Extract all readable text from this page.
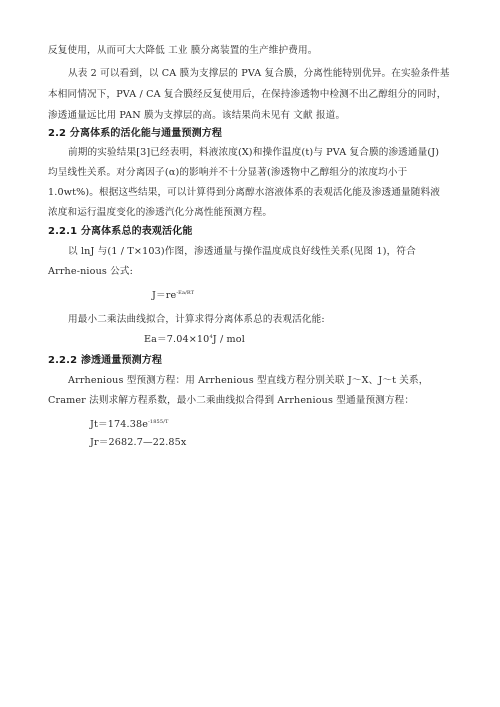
反复使用，从而可大大降低 工业 膜分离装置的生产维护费用。
从表 2 可以看到，以 CA 膜为支撑层的 PVA 复合膜，分离性能特别优异。在实验条件基
本相同情况下，PVA / CA 复合膜经反复使用后，在保持渗透物中检测不出乙醇组分的同时，
渗透通量远比用 PAN 膜为支撑层的高。该结果尚未见有 文献 报道。
2.2 分离体系的活化能与通量预测方程
前期的实验结果[3]已经表明，料液浓度(X)和操作温度(t)与 PVA 复合膜的渗透通量(J)
均呈线性关系。对分离因子(α)的影响并不十分显著(渗透物中乙醇组分的浓度均小于
1.0wt%)。根据这些结果，可以计算得到分离醇水溶液体系的表观活化能及渗透通量随料液
浓度和运行温度变化的渗透汽化分离性能预测方程。
2.2.1 分离体系总的表观活化能
以 lnJ 与(1 / T×103)作图，渗透通量与操作温度成良好线性关系(见图 1)，符合
Arrhe-nious 公式:
$J=re^{-Ea/RT}$
用最小二乘法曲线拟合，计算求得分离体系总的表观活化能:
$Ea=7.04\times 10^4J$ / mol
2.2.2 渗透通量预测方程
Arrhenious 型预测方程：用 Arrhenious 型直线方程分别关联 J～X、J～t 关系，
Cramer 法则求解方程系数，最小二乘曲线拟合得到 Arrhenious 型通量预测方程：
$Jt=174.38e^{-1855/T}$
Jr＝2682.7—22.85x
